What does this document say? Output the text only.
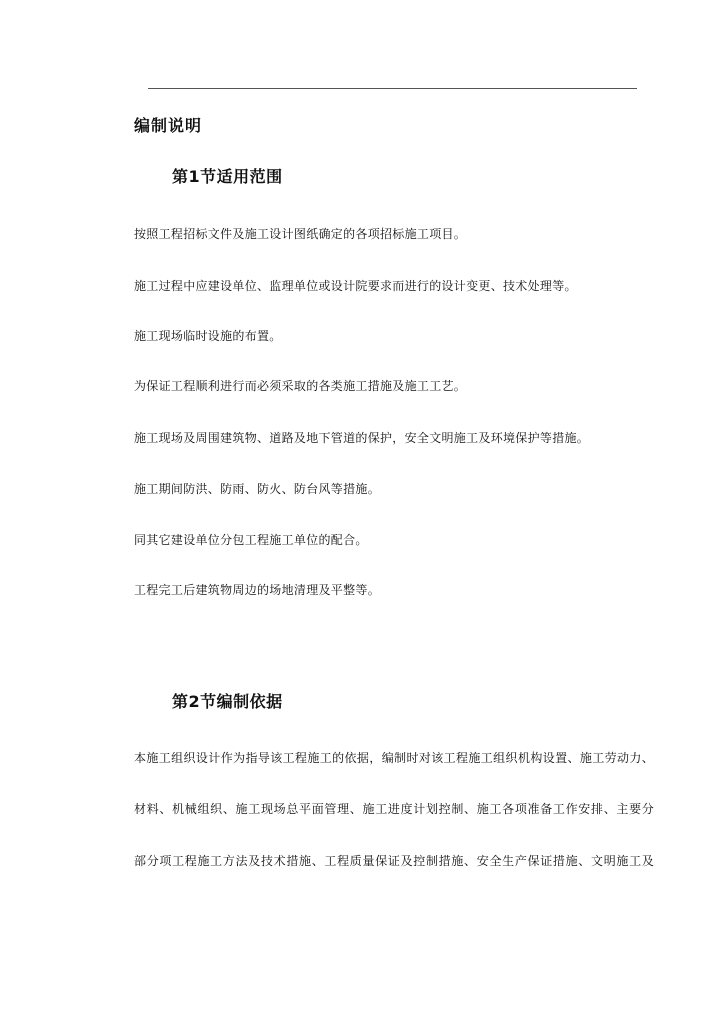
编制说明
第1节适用范围
按照工程招标文件及施工设计图纸确定的各项招标施工项目。
施工过程中应建设单位、监理单位或设计院要求而进行的设计变更、技术处理等。
施工现场临时设施的布置。
为保证工程顺利进行而必须采取的各类施工措施及施工工艺。
施工现场及周围建筑物、道路及地下管道的保护，安全文明施工及环境保护等措施。
施工期间防洪、防雨、防火、防台风等措施。
同其它建设单位分包工程施工单位的配合。
工程完工后建筑物周边的场地清理及平整等。
第2节编制依据
本施工组织设计作为指导该工程施工的依据，编制时对该工程施工组织机构设置、施工劳动力、
材料、机械组织、施工现场总平面管理、施工进度计划控制、施工各项准备工作安排、主要分
部分项工程施工方法及技术措施、工程质量保证及控制措施、安全生产保证措施、文明施工及
